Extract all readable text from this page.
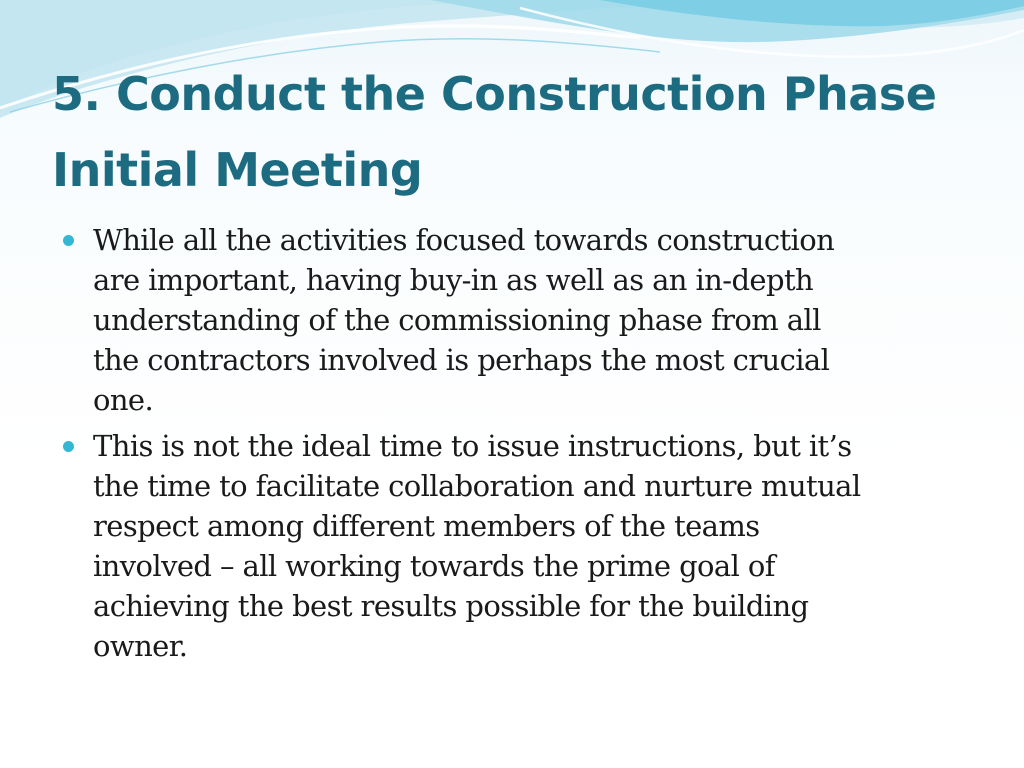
5. Conduct the Construction Phase
Initial Meeting
While all the activities focused towards construction
are important, having buy-in as well as an in-depth
understanding of the commissioning phase from all
the contractors involved is perhaps the most crucial
one.
This is not the ideal time to issue instructions, but it’s
the time to facilitate collaboration and nurture mutual
respect among different members of the teams
involved – all working towards the prime goal of
achieving the best results possible for the building
owner.
